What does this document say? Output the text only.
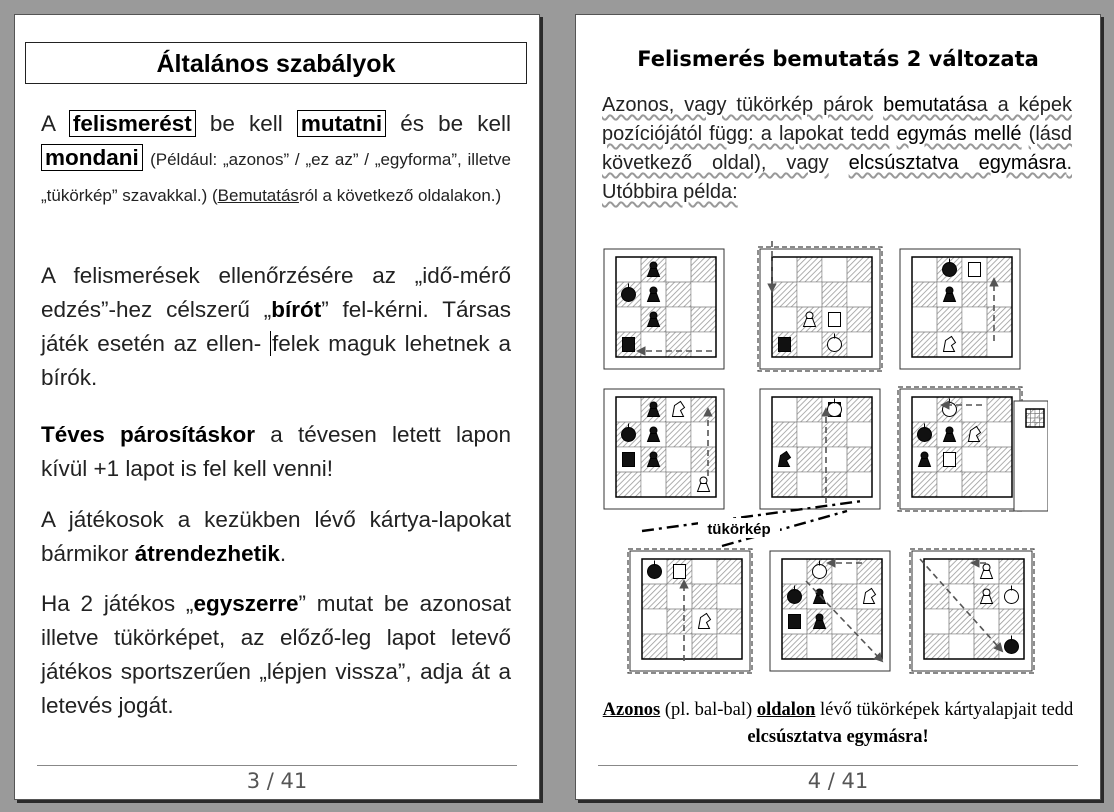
Általános szabályok
A felismerést be kell mutatni és be kell mondani (Például: „azonos” / „ez az” / „egyforma”, illetve „tükörkép” szavakkal.) (Bemutatásról a következő oldalakon.)
A felismerések ellenőrzésére az „idő-mérő edzés”-hez célszerű „bírót” fel-kérni. Társas játék esetén az ellen- felek maguk lehetnek a bírók.
Téves párosításkor a tévesen letett lapon kívül +1 lapot is fel kell venni!
A játékosok a kezükben lévő kártya-lapokat bármikor átrendezhetik.
Ha 2 játékos „egyszerre” mutat be azonosat illetve tükörképet, az előző-leg lapot letevő játékos sportszerűen „lépjen vissza”, adja át a letevés jogát.
3 / 41
Felismerés bemutatás 2 változata
Azonos, vagy tükörkép párok bemutatása a képek pozíciójától függ: a lapokat tedd egymás mellé (lásd következő oldal), vagy elcsúsztatva egymásra. Utóbbira példa:
tükörkép
Azonos (pl. bal-bal) oldalon lévő tükörképek kártyalapjait tedd elcsúsztatva egymásra!
4 / 41
